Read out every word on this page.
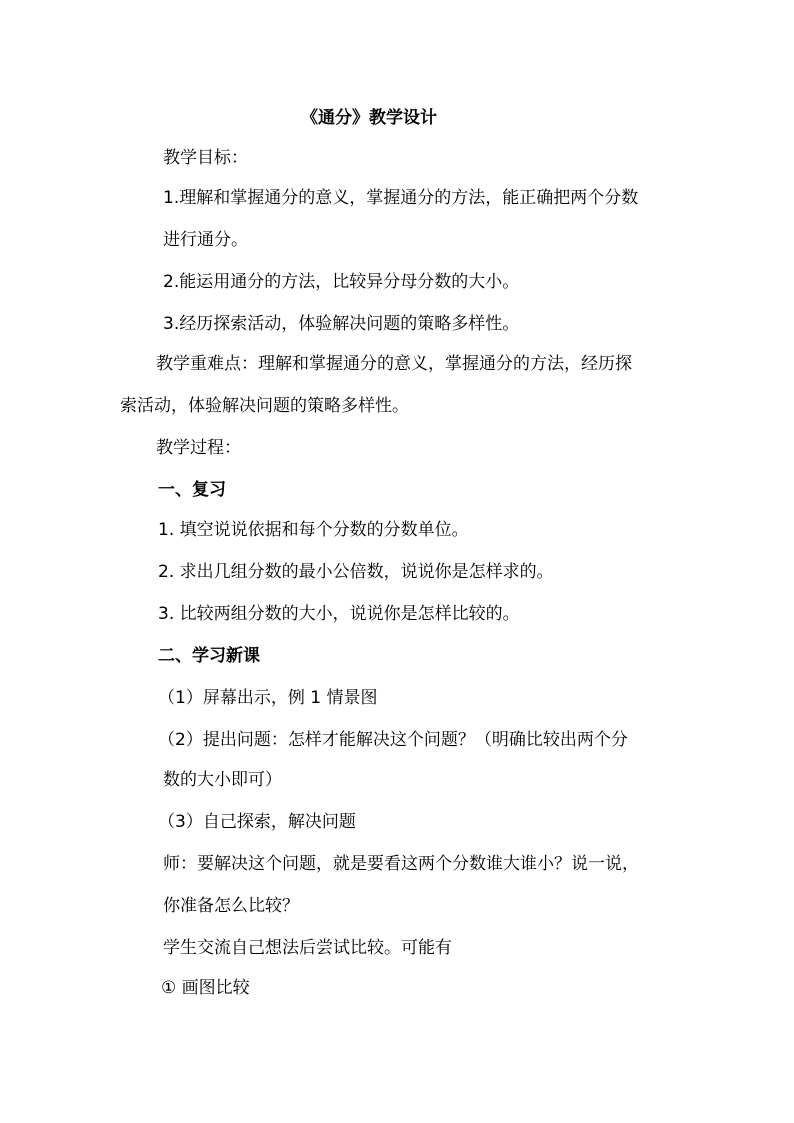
《通分》教学设计
教学目标：
1.理解和掌握通分的意义，掌握通分的方法，能正确把两个分数
进行通分。
2.能运用通分的方法，比较异分母分数的大小。
3.经历探索活动，体验解决问题的策略多样性。
教学重难点：理解和掌握通分的意义，掌握通分的方法，经历探
索活动，体验解决问题的策略多样性。
教学过程：
一、复习
1. 填空说说依据和每个分数的分数单位。
2. 求出几组分数的最小公倍数，说说你是怎样求的。
3. 比较两组分数的大小，说说你是怎样比较的。
二、学习新课
（1）屏幕出示，例 1 情景图
（2）提出问题：怎样才能解决这个问题？（明确比较出两个分
数的大小即可）
（3）自己探索，解决问题
师：要解决这个问题，就是要看这两个分数谁大谁小？说一说，
你准备怎么比较？
学生交流自己想法后尝试比较。可能有
① 画图比较
